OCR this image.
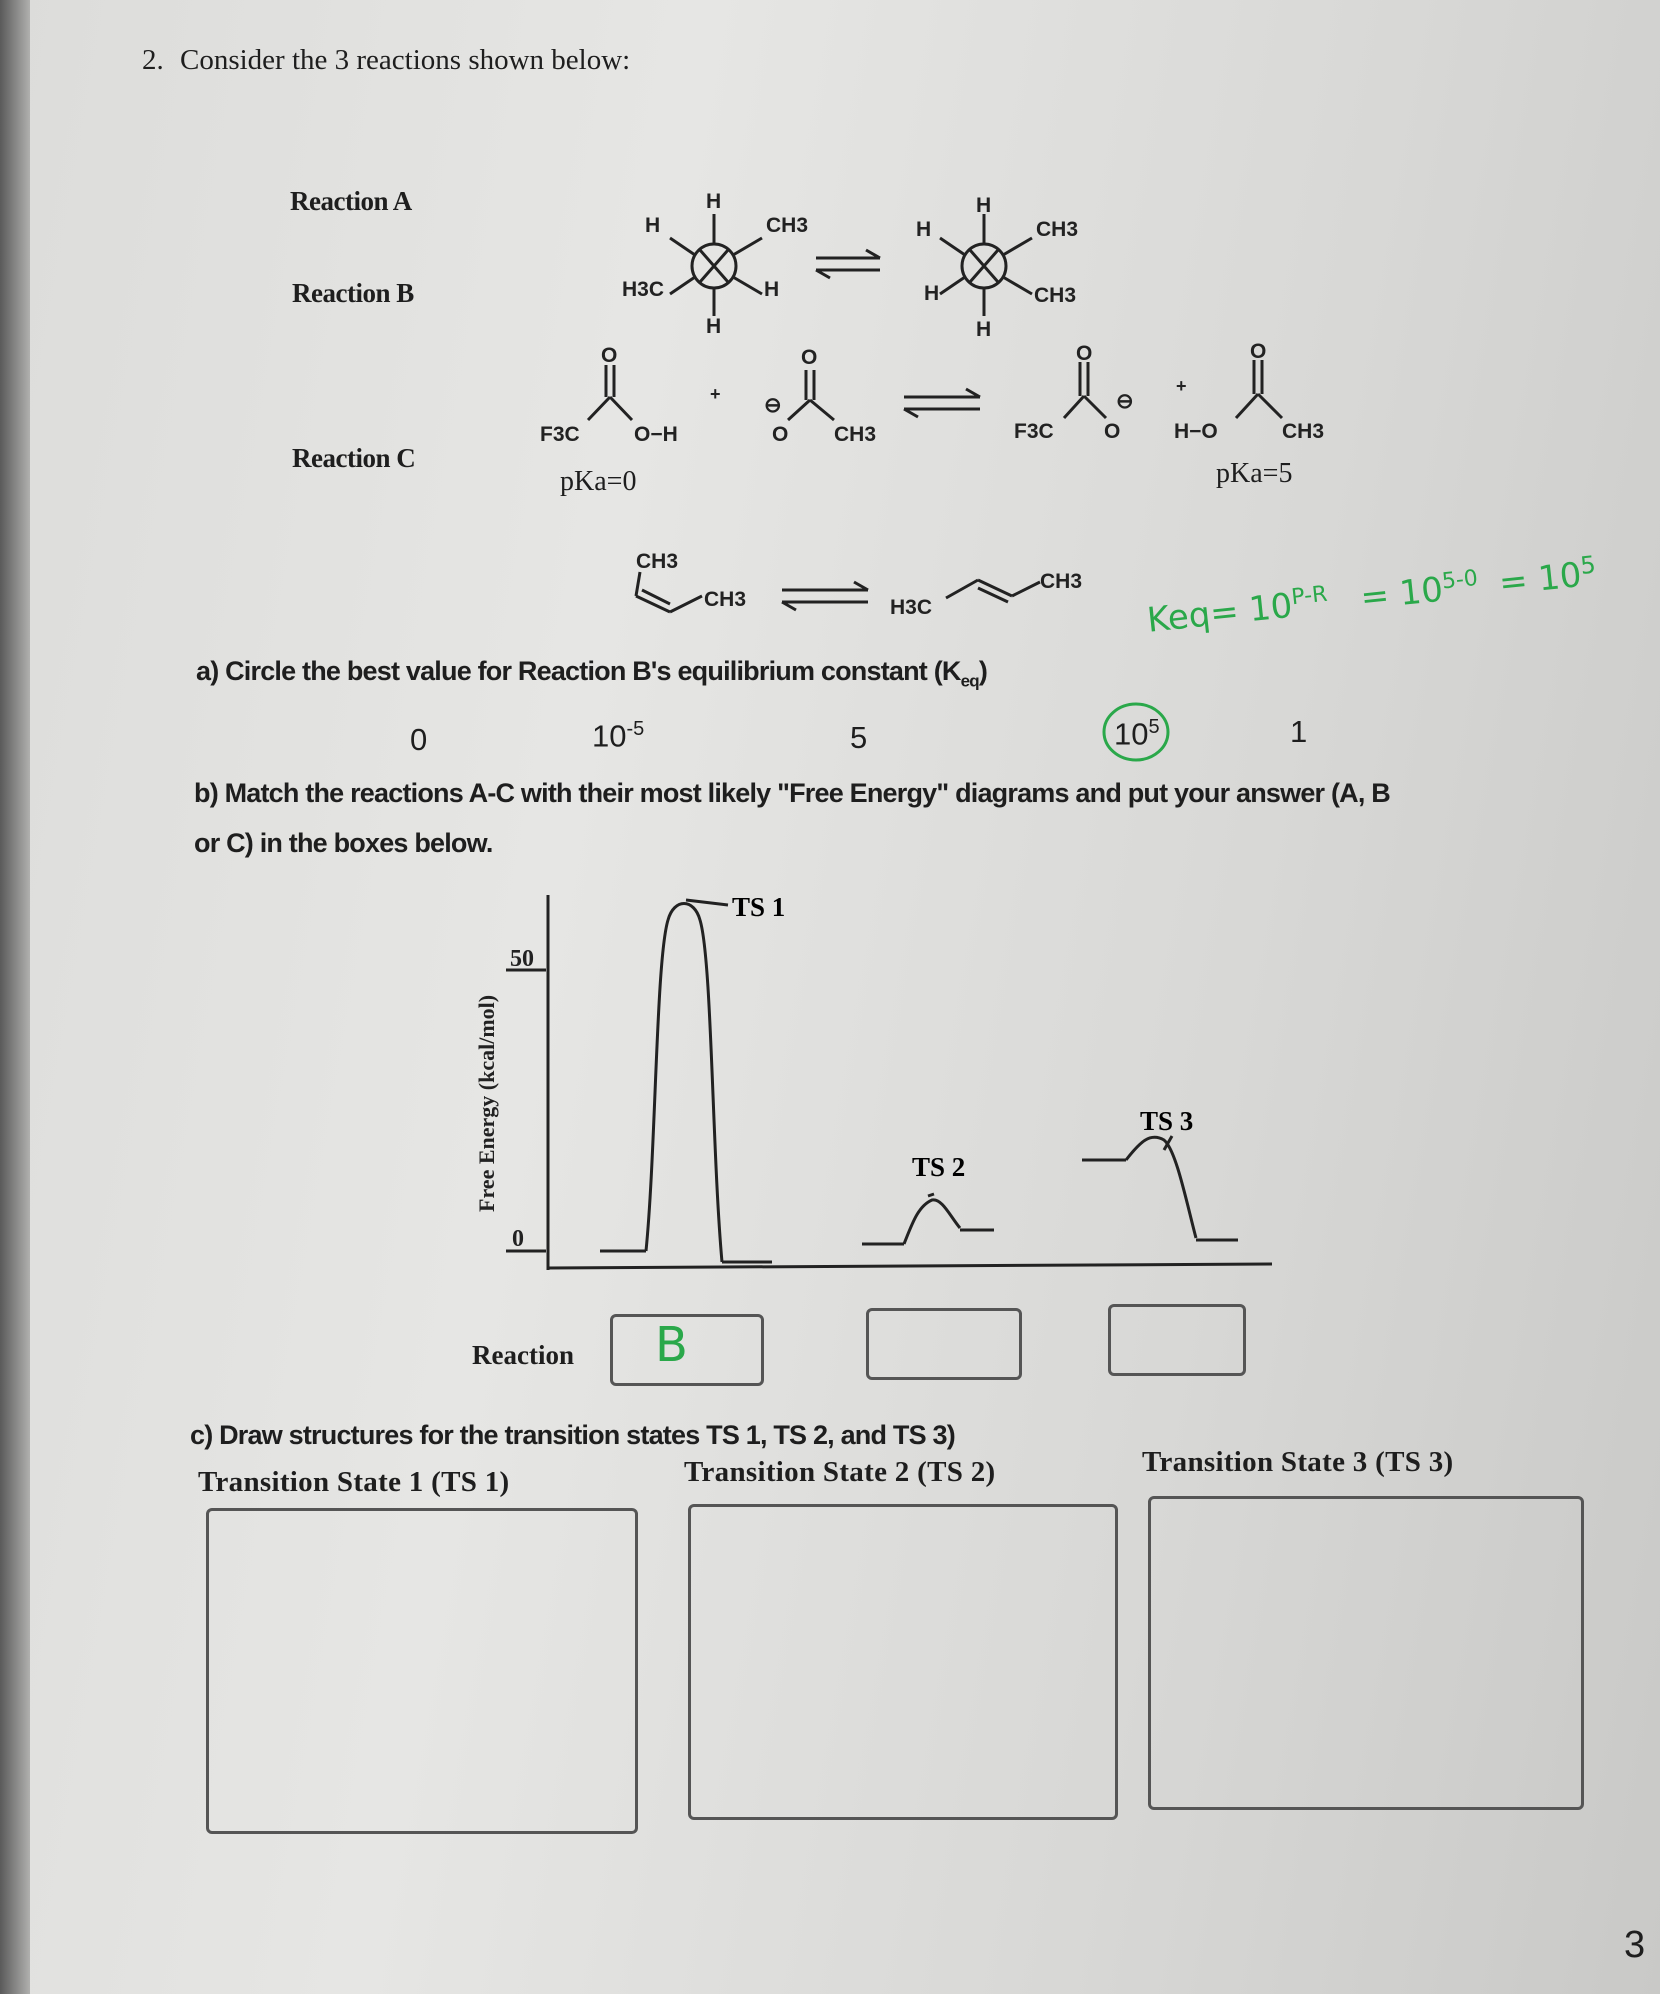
2. Consider the 3 reactions shown below:
Reaction A
Reaction B
Reaction C
H
H	CH3
H3C	H
H
H
H	CH3
H	CH3
H
O
F3C	O−H
+
O
O
⊖
CH3
O
F3C O
⊖
+
O
H−O	CH3
pKa=0	pKa=5
CH3
CH3	H3C
CH3
$Keq= 10^{P-R} = 10^{5-0} = 10^5$
a) Circle the best value for Reaction B's equilibrium constant $(K_{eq})$
0	$10^{-5}$	5	$10^5$	1
b) Match the reactions A-C with their most likely "Free Energy" diagrams and put your answer (A, B
or C) in the boxes below.
TS 1
TS 2
TS 3
50
0
Free Energy (kcal/mol)
Reaction B
c) Draw structures for the transition states TS 1, TS 2, and TS 3)
Transition State 1 (TS 1)	Transition State 2 (TS 2)	Transition State 3 (TS 3)
3
